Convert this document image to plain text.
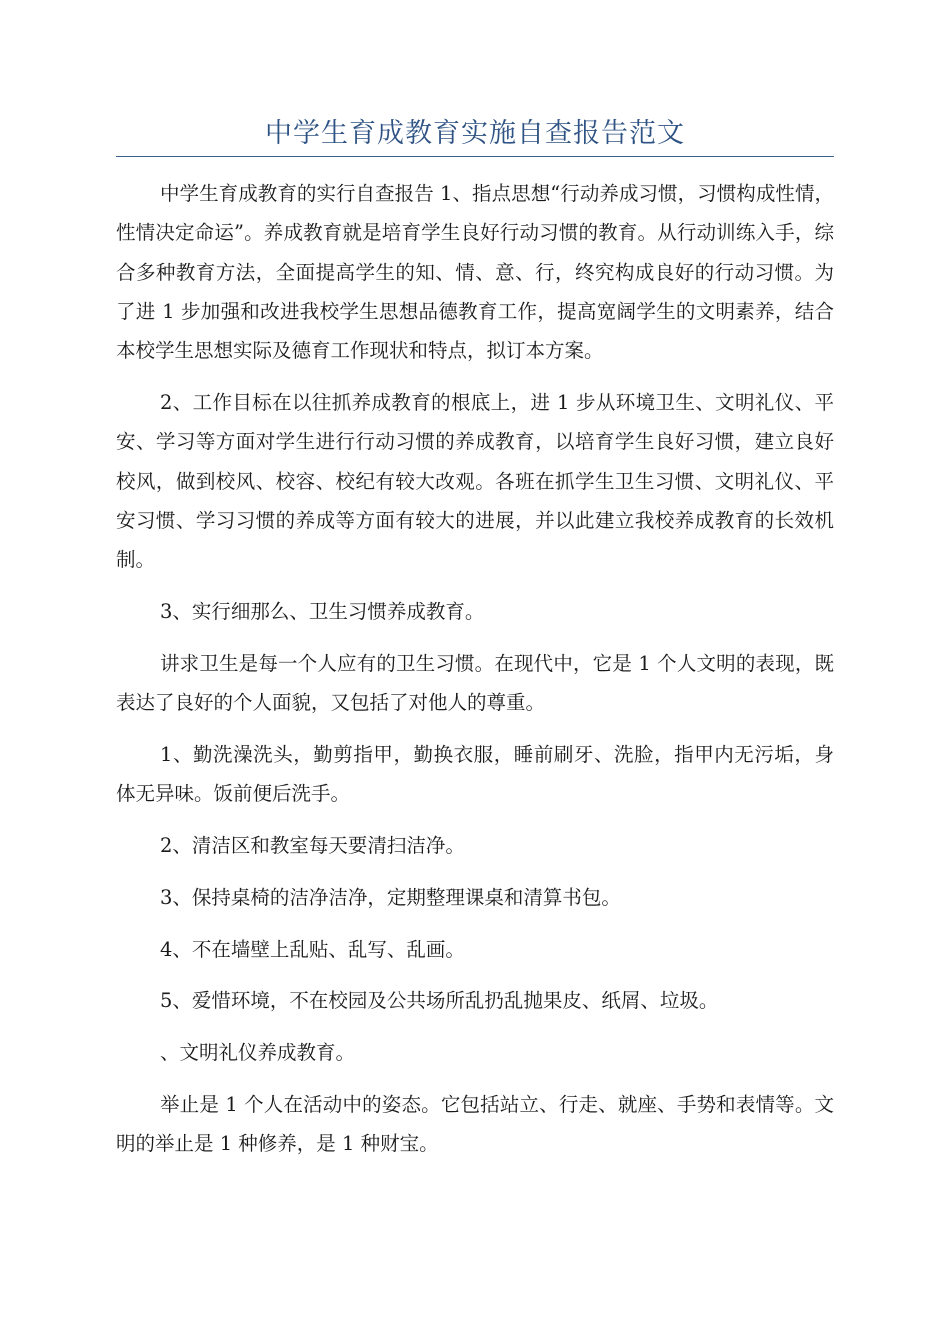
中学生育成教育实施自查报告范文

中学生育成教育的实行自查报告 1、指点思想“行动养成习惯，习惯构成性情，性情决定命运”。养成教育就是培育学生良好行动习惯的教育。从行动训练入手，综合多种教育方法，全面提高学生的知、情、意、行，终究构成良好的行动习惯。为了进 1 步加强和改进我校学生思想品德教育工作，提高宽阔学生的文明素养，结合本校学生思想实际及德育工作现状和特点，拟订本方案。

2、工作目标在以往抓养成教育的根底上，进 1 步从环境卫生、文明礼仪、平安、学习等方面对学生进行行动习惯的养成教育，以培育学生良好习惯，建立良好校风，做到校风、校容、校纪有较大改观。各班在抓学生卫生习惯、文明礼仪、平安习惯、学习习惯的养成等方面有较大的进展，并以此建立我校养成教育的长效机制。

3、实行细那么、卫生习惯养成教育。

讲求卫生是每一个人应有的卫生习惯。在现代中，它是 1 个人文明的表现，既表达了良好的个人面貌，又包括了对他人的尊重。

1、勤洗澡洗头，勤剪指甲，勤换衣服，睡前刷牙、洗脸，指甲内无污垢，身体无异味。饭前便后洗手。

2、清洁区和教室每天要清扫洁净。

3、保持桌椅的洁净洁净，定期整理课桌和清算书包。

4、不在墙壁上乱贴、乱写、乱画。

5、爱惜环境，不在校园及公共场所乱扔乱抛果皮、纸屑、垃圾。

、文明礼仪养成教育。

举止是 1 个人在活动中的姿态。它包括站立、行走、就座、手势和表情等。文明的举止是 1 种修养，是 1 种财宝。
